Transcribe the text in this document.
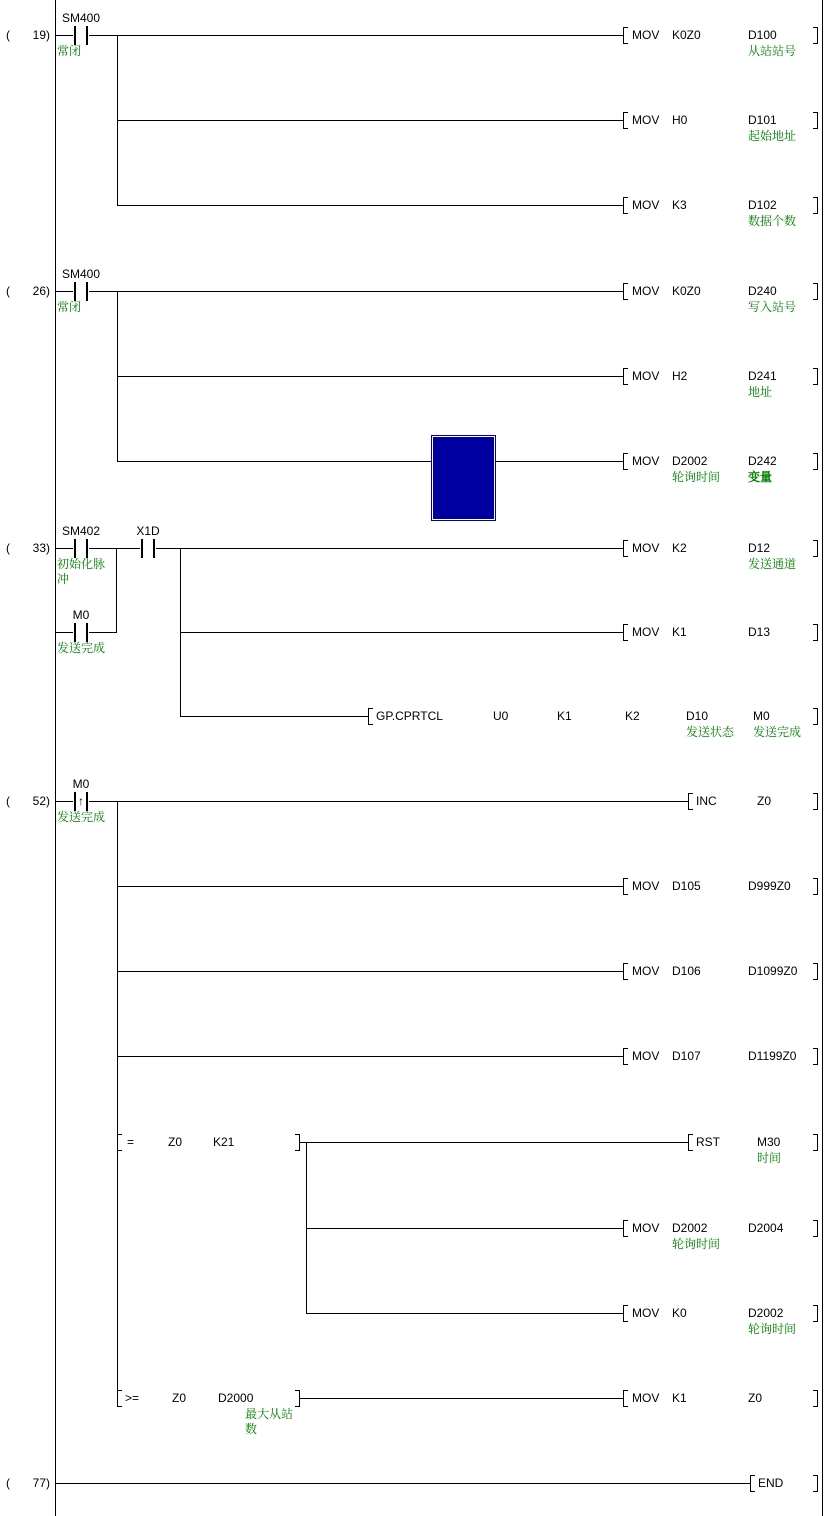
( 19)
( 26)
( 33)
( 52)
( 77)
MOV K0Z0	D100
从站站号
MOV H0	D101
起始地址
MOV K3	D102
数据个数
MOV K0Z0	D240
写入站号
MOV H2	D241
地址
MOV D2002
轮询时间
D242
变量
MOV K2	D12
发送通道
MOV K1	D13
GP.CPRTCL	U0	K1	K2	D10
发送状态
M0
发送完成
INC	Z0
MOV D105	D999Z0
MOV D106	D1099Z0
MOV D107	D1199Z0
=	Z0	K21	RST	M30
时间
MOV D2002
轮询时间
D2004
MOV K0	D2002
轮询时间
>=	Z0	D2000
最大从站数
MOV K1	Z0
END
SM400
常闭
SM400
常闭
SM402
初始化脉冲
X1D
M0
发送完成
M0
↑
发送完成
